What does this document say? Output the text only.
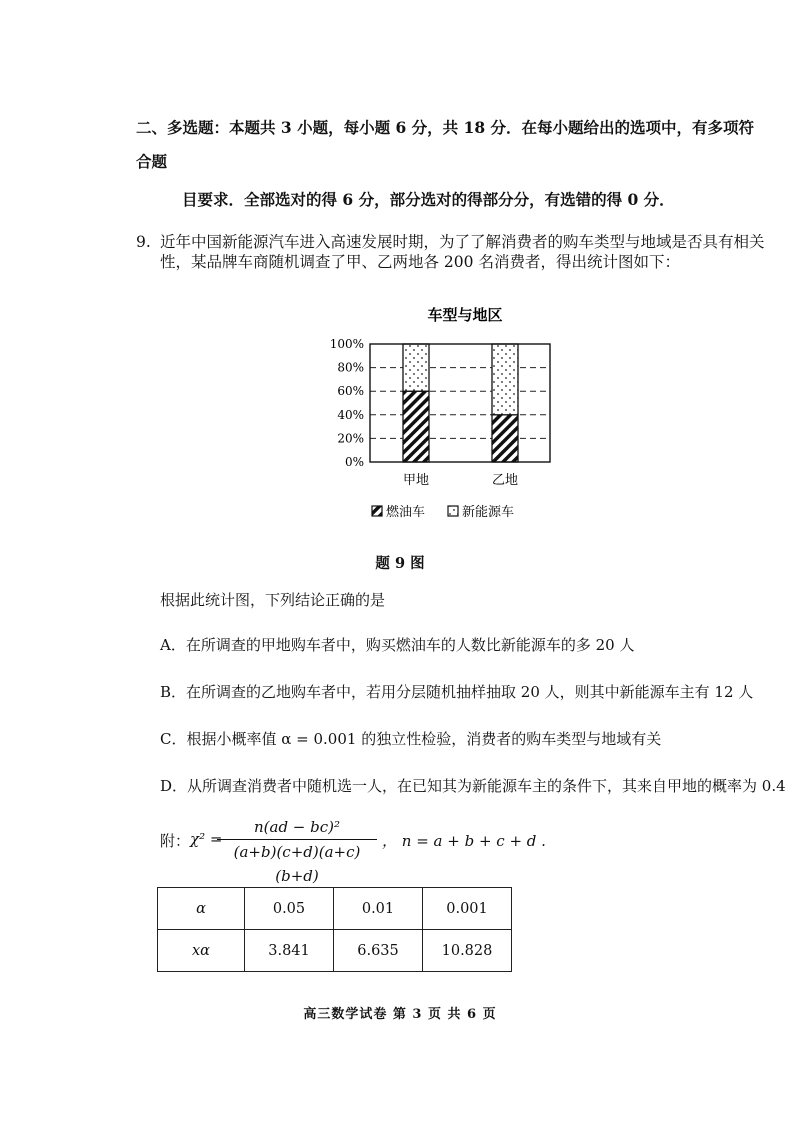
二、多选题：本题共 3 小题，每小题 6 分，共 18 分．在每小题给出的选项中，有多项符合题
目要求．全部选对的得 6 分，部分选对的得部分分，有选错的得 0 分．
9. 近年中国新能源汽车进入高速发展时期，为了了解消费者的购车类型与地域是否具有相关
性，某品牌车商随机调查了甲、乙两地各 200 名消费者，得出统计图如下：
车型与地区
0%
20%
40%
60%
80%
100%
甲地	乙地
燃油车	新能源车
题 9 图
根据此统计图，下列结论正确的是
A．在所调查的甲地购车者中，购买燃油车的人数比新能源车的多 20 人
B．在所调查的乙地购车者中，若用分层随机抽样抽取 20 人，则其中新能源车主有 12 人
C．根据小概率值 α = 0.001 的独立性检验，消费者的购车类型与地域有关
D．从所调查消费者中随机选一人，在已知其为新能源车主的条件下，其来自甲地的概率为 0.4
附： χ² =
n(ad − bc)²
(a+b)(c+d)(a+c)(b+d)
， n = a + b + c + d .
α	0.05	0.01	0.001
xα	3.841	6.635	10.828
高三数学试卷 第 3 页 共 6 页
